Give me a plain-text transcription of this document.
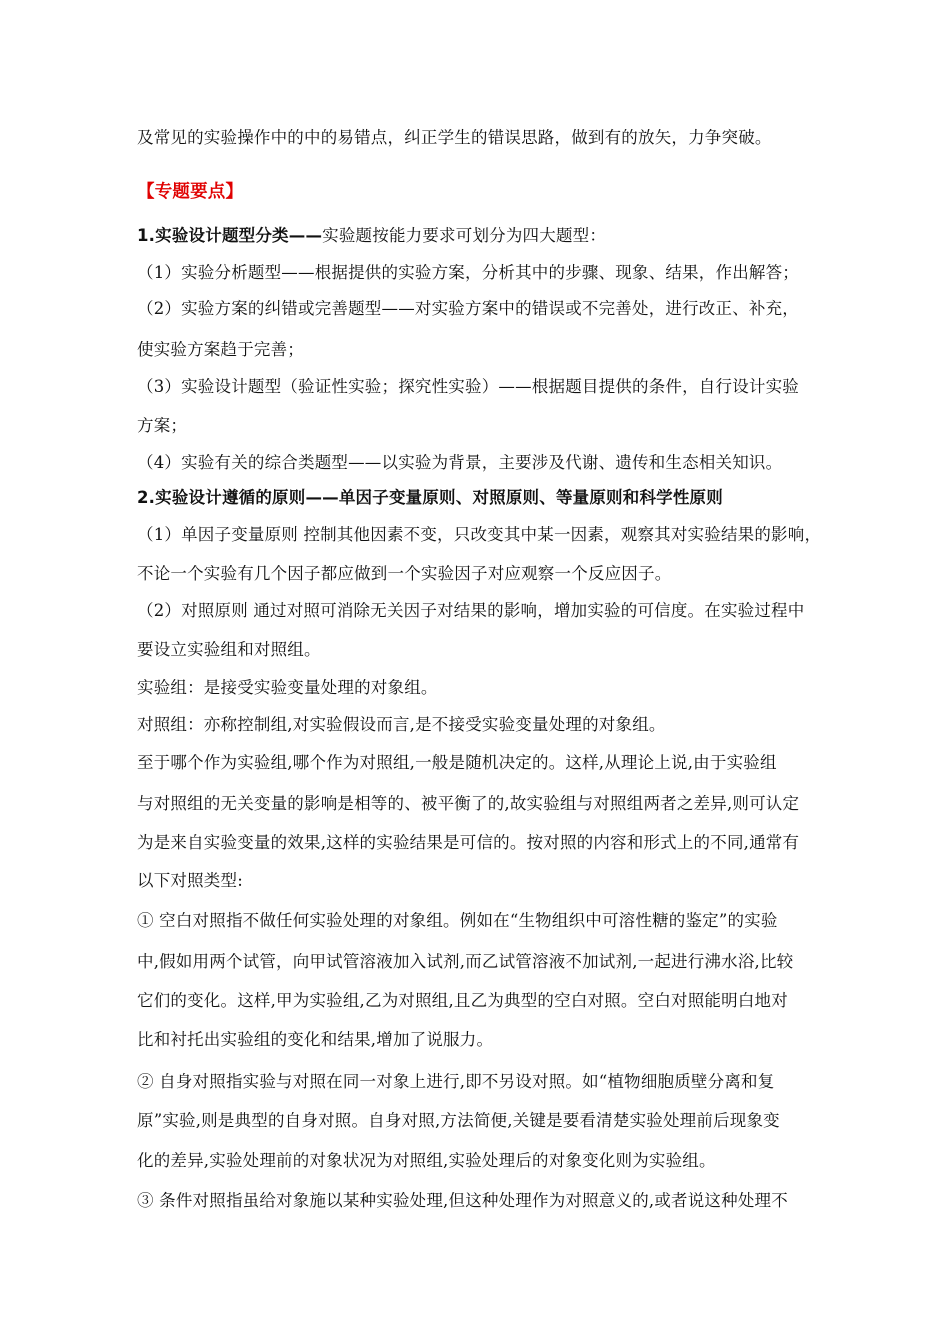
及常见的实验操作中的中的易错点，纠正学生的错误思路，做到有的放矢，力争突破。
【专题要点】
1.实验设计题型分类——实验题按能力要求可划分为四大题型：
（1）实验分析题型——根据提供的实验方案，分析其中的步骤、现象、结果，作出解答；
（2）实验方案的纠错或完善题型——对实验方案中的错误或不完善处，进行改正、补充，
使实验方案趋于完善；
（3）实验设计题型（验证性实验；探究性实验）——根据题目提供的条件，自行设计实验
方案；
（4）实验有关的综合类题型——以实验为背景，主要涉及代谢、遗传和生态相关知识。
2.实验设计遵循的原则——单因子变量原则、对照原则、等量原则和科学性原则
（1）单因子变量原则 控制其他因素不变，只改变其中某一因素，观察其对实验结果的影响，
不论一个实验有几个因子都应做到一个实验因子对应观察一个反应因子。
（2）对照原则 通过对照可消除无关因子对结果的影响，增加实验的可信度。在实验过程中
要设立实验组和对照组。
实验组：是接受实验变量处理的对象组。
对照组：亦称控制组,对实验假设而言,是不接受实验变量处理的对象组。
至于哪个作为实验组,哪个作为对照组,一般是随机决定的。这样,从理论上说,由于实验组
与对照组的无关变量的影响是相等的、被平衡了的,故实验组与对照组两者之差异,则可认定
为是来自实验变量的效果,这样的实验结果是可信的。按对照的内容和形式上的不同,通常有
以下对照类型:
① 空白对照指不做任何实验处理的对象组。例如在“生物组织中可溶性糖的鉴定”的实验
中,假如用两个试管，向甲试管溶液加入试剂,而乙试管溶液不加试剂,一起进行沸水浴,比较
它们的变化。这样,甲为实验组,乙为对照组,且乙为典型的空白对照。空白对照能明白地对
比和衬托出实验组的变化和结果,增加了说服力。
② 自身对照指实验与对照在同一对象上进行,即不另设对照。如“植物细胞质壁分离和复
原”实验,则是典型的自身对照。自身对照,方法简便,关键是要看清楚实验处理前后现象变
化的差异,实验处理前的对象状况为对照组,实验处理后的对象变化则为实验组。
③ 条件对照指虽给对象施以某种实验处理,但这种处理作为对照意义的,或者说这种处理不
